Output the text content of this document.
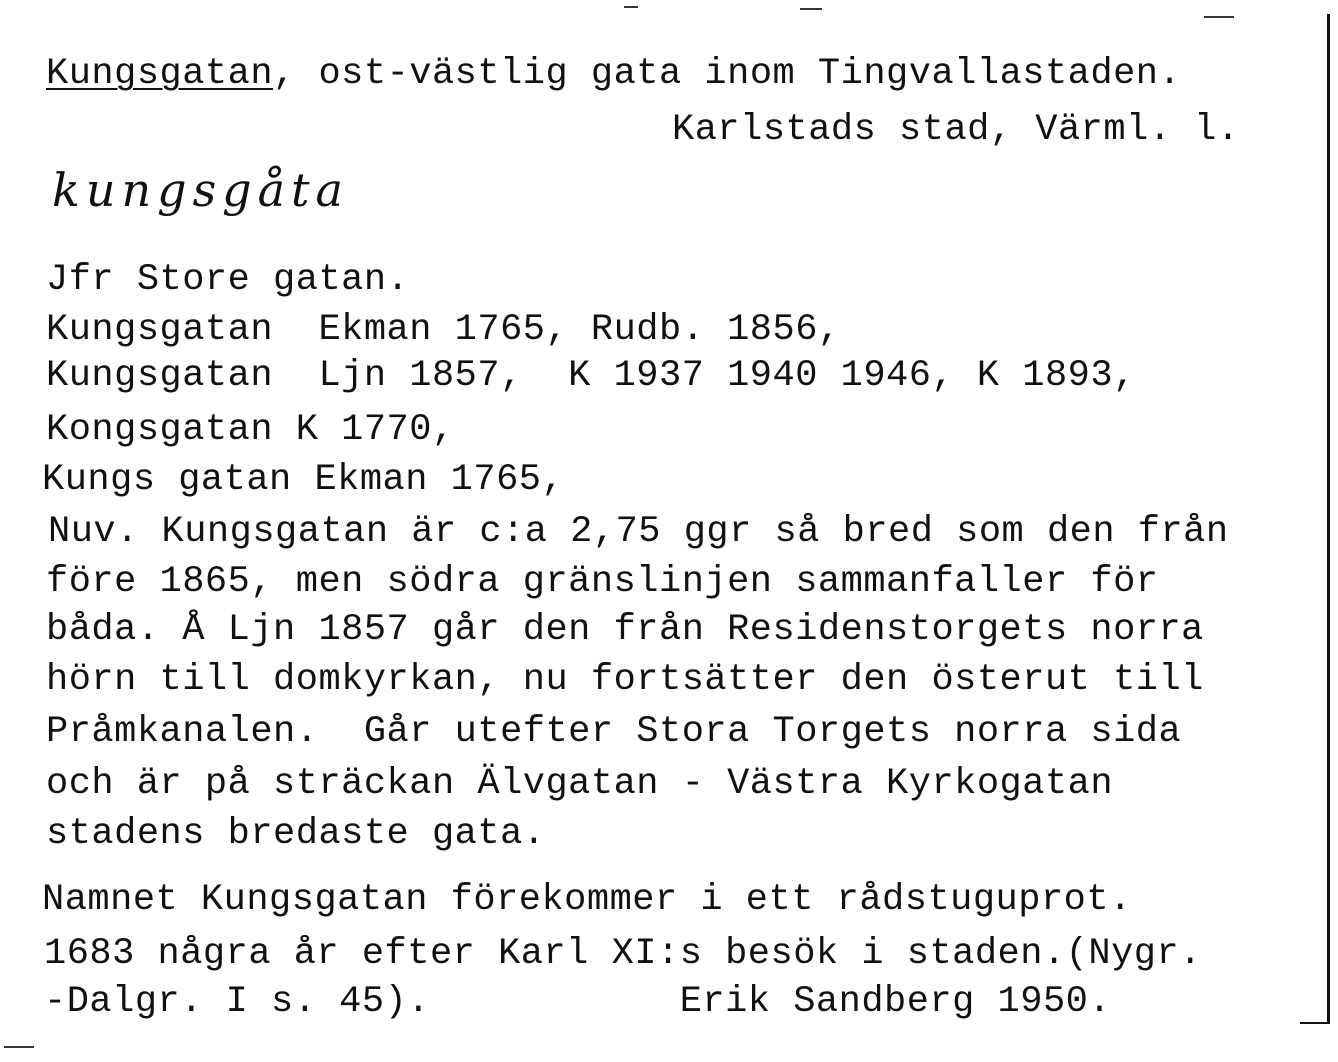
Kungsgatan, ost-västlig gata inom Tingvallastaden.
Karlstads stad, Värml. l.
kungsgåta
Jfr Store gatan.
Kungsgatan  Ekman 1765, Rudb. 1856,
Kungsgatan  Ljn 1857,  K 1937 1940 1946, K 1893,
Kongsgatan K 1770,
Kungs gatan Ekman 1765,
Nuv. Kungsgatan är c:a 2,75 ggr så bred som den från
före 1865, men södra gränslinjen sammanfaller för
båda. Å Ljn 1857 går den från Residenstorgets norra
hörn till domkyrkan, nu fortsätter den österut till
Pråmkanalen.  Går utefter Stora Torgets norra sida
och är på sträckan Älvgatan - Västra Kyrkogatan
stadens bredaste gata.
Namnet Kungsgatan förekommer i ett rådstuguprot.
1683 några år efter Karl XI:s besök i staden.(Nygr.
-Dalgr. I s. 45).           Erik Sandberg 1950.
